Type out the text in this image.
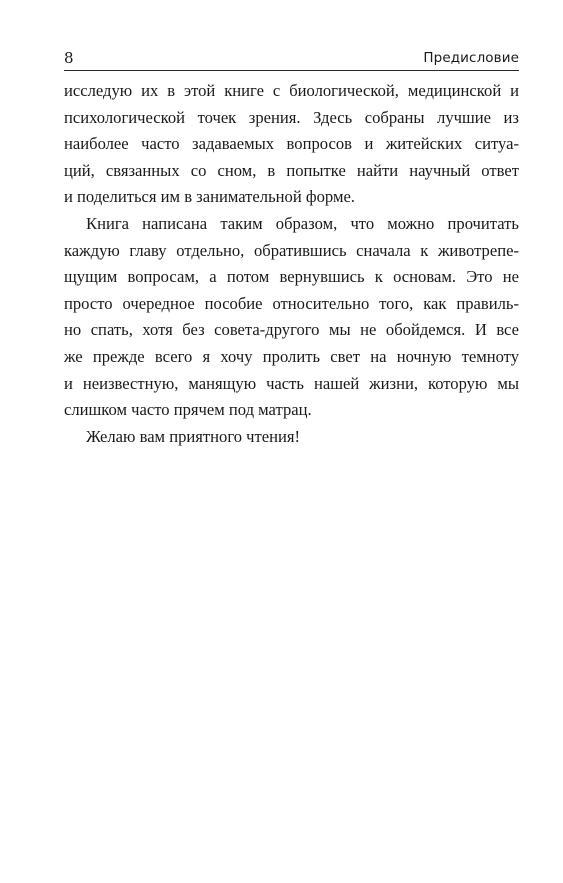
8	Предисловие
исследую их в этой книге с биологической, медицинской и
психологической точек зрения. Здесь собраны лучшие из
наиболее часто задаваемых вопросов и житейских ситуа-
ций, связанных со сном, в попытке найти научный ответ
и поделиться им в занимательной форме.
Книга написана таким образом, что можно прочитать
каждую главу отдельно, обратившись сначала к животрепе-
щущим вопросам, а потом вернувшись к основам. Это не
просто очередное пособие относительно того, как правиль-
но спать, хотя без совета-другого мы не обойдемся. И все
же прежде всего я хочу пролить свет на ночную темноту
и неизвестную, манящую часть нашей жизни, которую мы
слишком часто прячем под матрац.
Желаю вам приятного чтения!
